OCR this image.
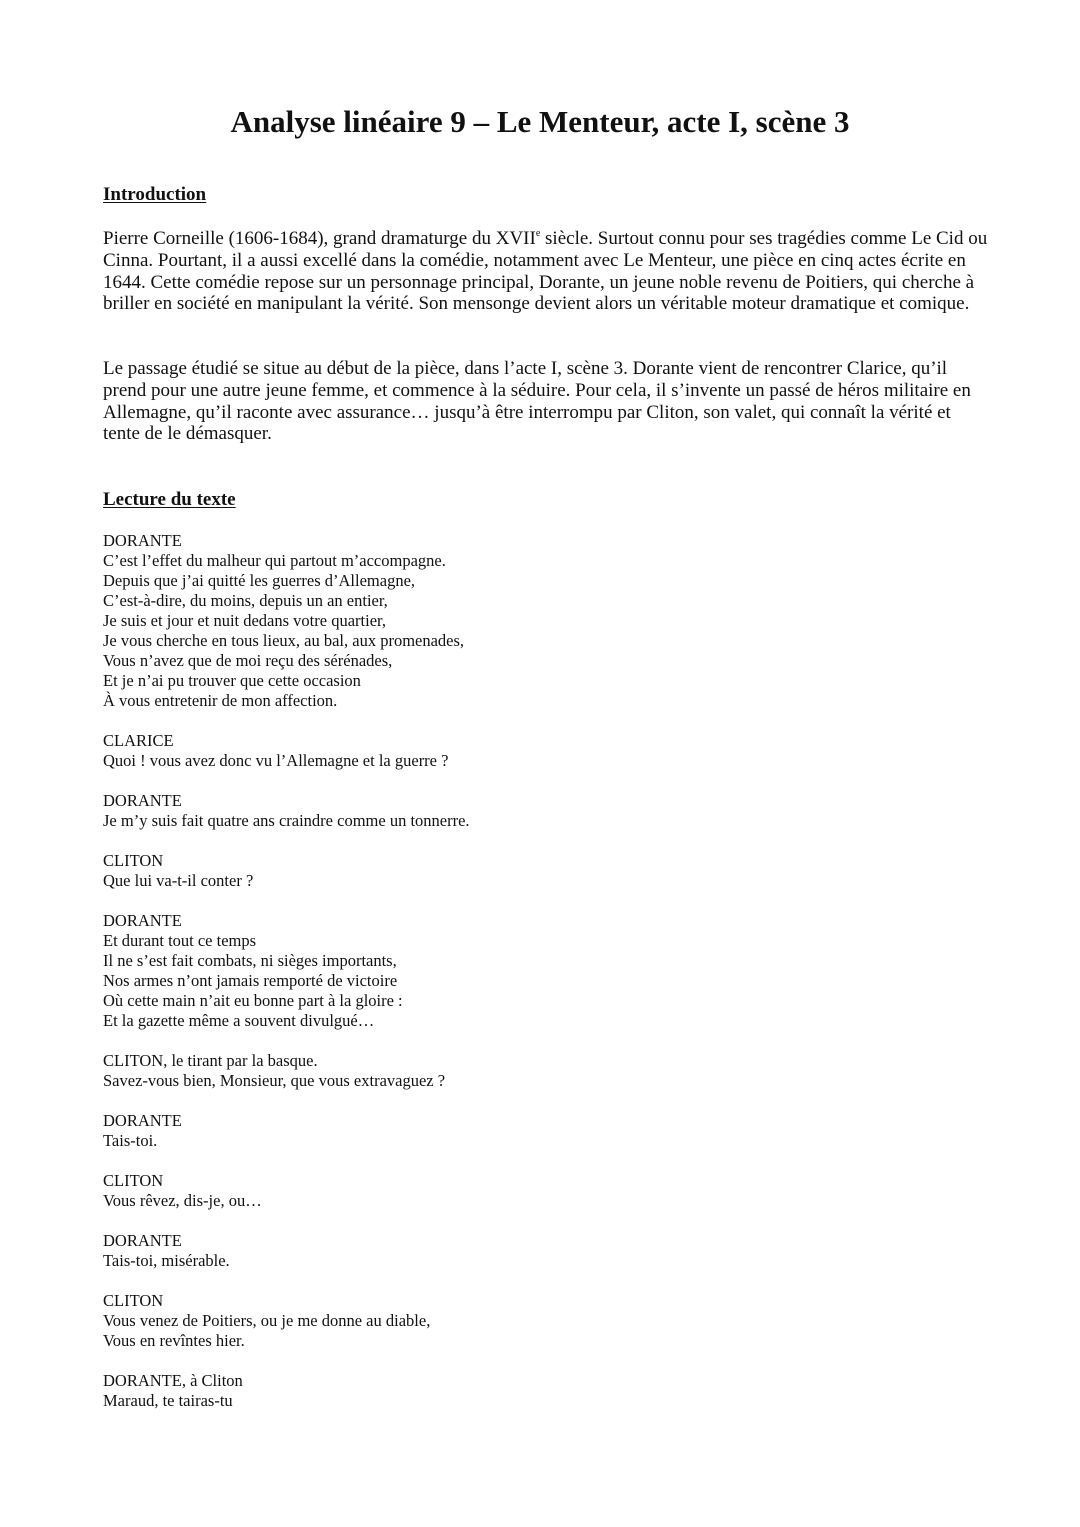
Analyse linéaire 9 – Le Menteur, acte I, scène 3
Introduction

Pierre Corneille (1606-1684), grand dramaturge du XVIIe siècle. Surtout connu pour ses tragédies comme Le Cid ou Cinna. Pourtant, il a aussi excellé dans la comédie, notamment avec Le Menteur, une pièce en cinq actes écrite en 1644. Cette comédie repose sur un personnage principal, Dorante, un jeune noble revenu de Poitiers, qui cherche à briller en société en manipulant la vérité. Son mensonge devient alors un véritable moteur dramatique et comique.

Le passage étudié se situe au début de la pièce, dans l’acte I, scène 3. Dorante vient de rencontrer Clarice, qu’il prend pour une autre jeune femme, et commence à la séduire. Pour cela, il s’invente un passé de héros militaire en Allemagne, qu’il raconte avec assurance… jusqu’à être interrompu par Cliton, son valet, qui connaît la vérité et tente de le démasquer.

Lecture du texte
DORANTE
C’est l’effet du malheur qui partout m’accompagne.
Depuis que j’ai quitté les guerres d’Allemagne,
C’est-à-dire, du moins, depuis un an entier,
Je suis et jour et nuit dedans votre quartier,
Je vous cherche en tous lieux, au bal, aux promenades,
Vous n’avez que de moi reçu des sérénades,
Et je n’ai pu trouver que cette occasion
À vous entretenir de mon affection.
CLARICE
Quoi ! vous avez donc vu l’Allemagne et la guerre ?
DORANTE
Je m’y suis fait quatre ans craindre comme un tonnerre.
CLITON
Que lui va-t-il conter ?
DORANTE
Et durant tout ce temps
Il ne s’est fait combats, ni sièges importants,
Nos armes n’ont jamais remporté de victoire
Où cette main n’ait eu bonne part à la gloire :
Et la gazette même a souvent divulgué…
CLITON, le tirant par la basque.
Savez-vous bien, Monsieur, que vous extravaguez ?
DORANTE
Tais-toi.
CLITON
Vous rêvez, dis-je, ou…
DORANTE
Tais-toi, misérable.
CLITON
Vous venez de Poitiers, ou je me donne au diable,
Vous en revîntes hier.
DORANTE, à Cliton
Maraud, te tairas-tu
